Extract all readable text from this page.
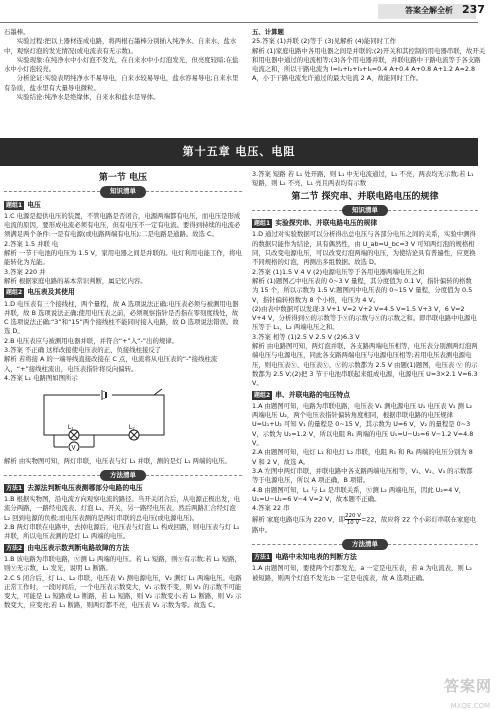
答案全解全析 237

石墨棒。

实验过程:把以上器材连成电路，将两根石墨棒分别插入纯净水、自来水、盐水中，观察灯泡的发光情况(或电流表有无示数)。

实验现象:在纯净水中小灯泡不发光，在自来水中小灯泡发光，但亮度较暗;在盐水中小灯泡较亮。

分析论证:实验表明纯净水不易导电，自来水较易导电，盐水容易导电;自来水里有杂质，盐水里有大量导电微粒。

实验结论:纯净水是绝缘体，自来水和盐水是导体。

五、计算题

25.答案 (1)并联 (2)等于 (3)见解析 (4)能同时工作

解析 (1)家庭电路中各用电器之间是并联的;(2)开关和其控制的用电器串联，故开关和用电器中通过的电流相等;(3)各个用电器并联，并联电路中干路电流等于各支路电流之和，所以干路电流为 I=I₁+I₂+I₃+I₄=0.4 A+0.4 A+0.8 A+1.2 A=2.8 A，小于干路电流允许通过的最大电流 2 A，故能同时工作。

第十五章 电压、电阻
第一节 电压
知识清单
题组1 电压

1.C 电源是提供电压的装置，不管电路是否闭合，电源两端都有电压，而电压是形成电流的原因，要形成电流必须有电压，但有电压不一定有电流。要得到持续的电流必须满足两个条件:一是有电源(或电路两端有电压);二是电路是通路。故选 C。

2.答案 1.5 并联 电

解析 一节干电池的电压为 1.5 V，家用电器之间是并联的。电灯利用电能工作，将电能转化为光能。

3.答案 220 并

解析 根据家庭电路的基本常识判断，属记忆内容。

题组2 电压表及其使用

1.D 电压表有三个接线柱，两个量程，故 A 选项说法正确;电压表必须与被测用电器并联，故 B 选项说法正确;使用电压表之前，必须观察指针是否指在零刻度线处，故 C 选项说法正确;“3”和“15”两个接线柱不能同时接入电路，故 D 选项说法错误。故选 D。

2.B 电压表应与被测用电器并联，并符合“+”入“-”出的规律。

3.答案 不正确 这样改接使电压表的正、负接线柱接反了

解析 若将接 A 的一端导线直接改接在 C 点，电流将从电压表的“-”接线柱流入，“+”接线柱流出，电压表指针将反向偏转。

4.答案 L₁ 电路图如图所示

V
L₁	L₂

解析 由实物图可知，两灯串联，电压表与灯 L₁ 并联，测的是灯 L₁ 两端的电压。

方法清单
方法1 去源法判断电压表测哪部分电路的电压

1.B 根据实物图，沿电流方向观察电流的路径。当开关闭合后，从电源正极出发，电流分两路，一路经电流表、灯泡 L₁、开关，另一路经电压表，然后两路汇合经灯泡 L₂ 回到电源的负极;而电压表测的是两灯串联的总电压(或电源电压)。

2.B 两灯串联在电路中，去掉电源后，电压表与灯泡 L₁ 构成回路，则电压表与灯 L₁ 并联，所以电压表测的是灯 L₁ 两端的电压。

方法2 由电压表示数判断电路故障的方法

1.B 该电路为串联电路，Ⓥ测 L₂ 两端的电压。若 L₁ 短路，则Ⓥ有示数;若 L₂ 短路，则Ⓥ无示数，L₁ 发光，说明 L₂ 断路。

2.C S 闭合后，灯 L₁、L₂ 串联，电压表 V₁ 测电源电压，V₂ 测灯 L₁ 两端电压。电路正常工作时，一段时间后，一个电压表示数变大，V₁ 示数不变，则 V₂ 的示数不可能变大，可能是 L₁ 短路或 L₂ 断路，若 L₁ 短路，则 V₂ 示数变小;若 L₂ 断路，则 V₂ 示数变大，应变亮;若 L₁ 断路，则两灯都不亮，电压表 V₂ 示数为零。故选 C。

3.答案 短路 若 L₁ 处开路，则 L₁ 中无电流通过，L₁ 不亮，两表均无示数;若 L₁ 短路，则 L₂ 不亮，L₁ 亮且两表均有示数

第二节 探究串、并联电路电压的规律
知识清单
题组1 实验探究串、并联电路电压的规律

1.D 通过对实验数据可以分析得出总电压与各部分电压之间的关系，实验中测得的数据只能作为结论，具有偶然性，由 U_ab=U_bc=3 V 可知两灯泡的规格相同，只改变电源电压，可以改变灯泡两端的电压，为使结论具有普遍性，应更换不同规格的灯泡，再测出多组数据。故选 D。

2.答案 (1)1.5 V 4 V (2)电源电压等于各用电器两端电压之和

解析 (1)题图乙中电压表的 0~3 V 量程，其分度值为 0.1 V，指针偏转的格数为 15 个，所以示数为 1.5 V;题图丙中电压表的 0~15 V 量程，分度值为 0.5 V，指针偏转格数为 8 个小格，电压为 4 V。

(2)由表中数据可以发现:3 V+1 V=2 V+2 V=4.5 V=1.5 V+3 V，6 V=2 V+4 V，分析得到Ⓥ的示数等于Ⓥ的示数与Ⓥ的示数之和。即串联电路中电源电压等于 L₁、L₂ 两端电压之和。

3.答案 相等 (1)2.5 V 2.5 V (2)6.3 V

解析 由电路图可知，两灯泡并联，各支路两端电压相等，电压表分别测两灯泡两端电压与电源电压，同此各支路两端电压与电源电压相等;若用电压表测电源电压，则电压表Ⓥ、电压表Ⓥ、Ⓥ的示数都为 2.5 V 由题(1)题图，电压表 Ⓥ 的示数都为 2.5 V;(2)把 3 节干电池串联起来组成电源，电源电压 U=3×2.1 V=6.3 V。

题组2 串、并联电路的电压特点

1.A 由题图可知，电路为串联电路，电压表 V₁ 测电源电压 U₁ 电压表 V₂ 测 L₂ 两端电压 U₂，两个电压表指针偏转角度相同，根据串联电路的电压规律 U=U₁+U₂ 可知 V₁ 的量程是 0~15 V，其示数为 U=6 V，V₂ 的量程是 0~3 V，示数为 U₂=1.2 V，所以电阻 R₁ 两端的电压 U₁=U−U₂=6 V−1.2 V=4.8 V。

2.A 由题图可知，电灯 L₁ 和电灯 L₂ 串联，电阻 R₁ 和 R₂ 两端的电压分别为 8 V 和 2 V，故选 A。

3.A 左图中两灯串联，并联电路中各支路两端电压相等，V₁、V₂、V₃ 的示数都等于电源电压，所以 A 项正确，B 项错。

4.B 由题图可知，L₁ 与 L₂ 是串联关系，Ⓥ测 L₂ 两端电压，因此 U₂=4 V，U₁=U−U₂=6 V−4 V=2 V，故本题不正确。

4.答案 22 串

解析 家庭电路电压为 220 V，即 $\frac{220 V}{10 V} =22$，故应将 22 个小彩灯串联在家庭电路中。

方法清单
方法1 电路中未知电表的判断方法

1.A 由题图可知，要使两个灯都发光，a 一定是电压表，若 a 为电流表，则 L₂ 被短路，则两个灯泡不发光;b 一定是电流表，故 A 选项正确。

答案网
MXQE.COM
